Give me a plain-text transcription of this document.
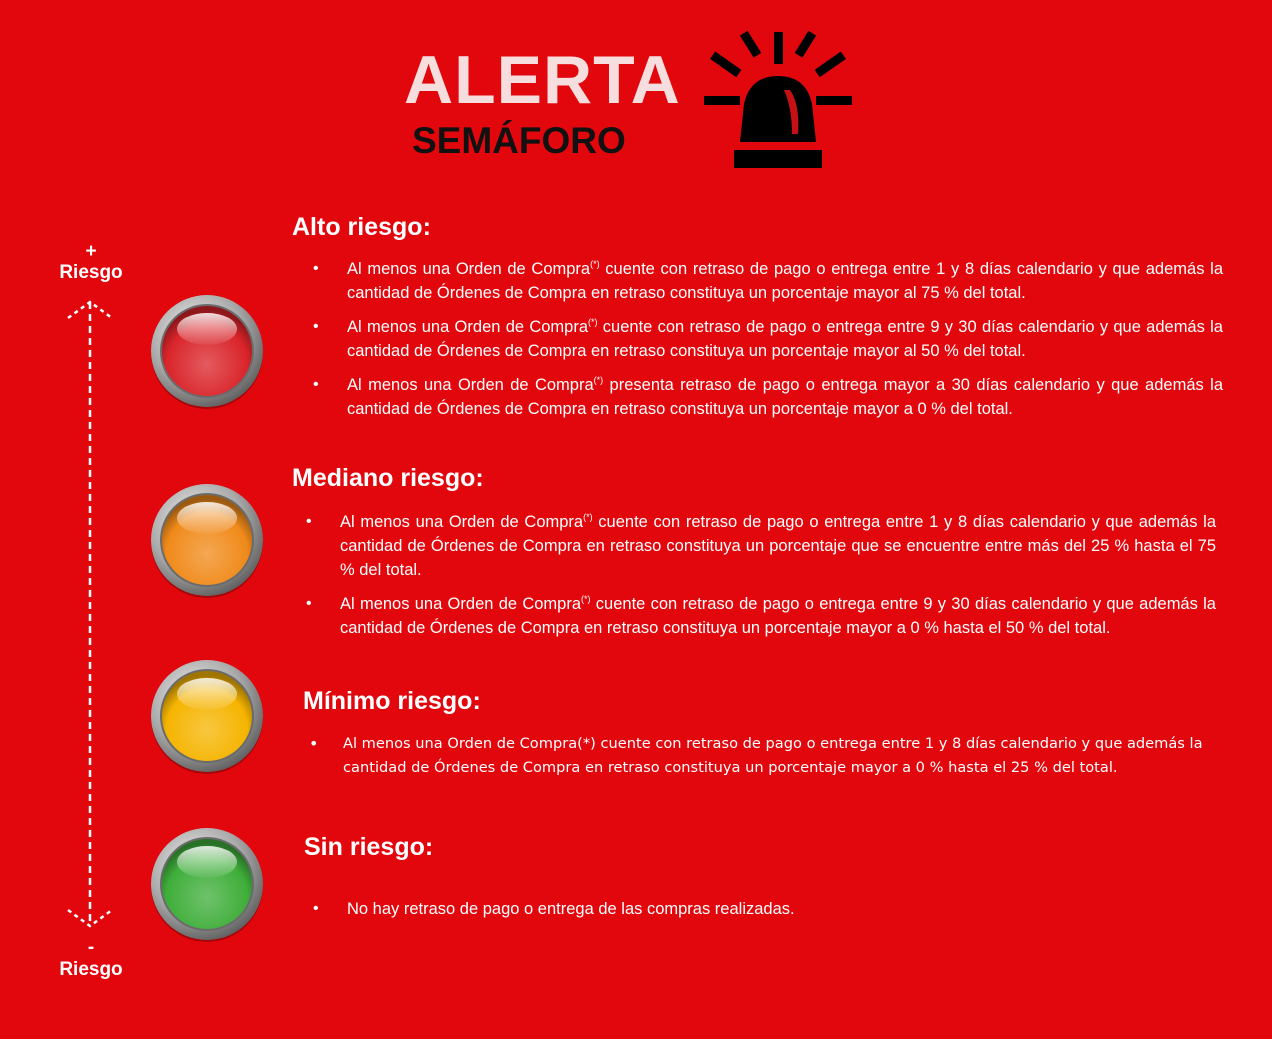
ALERTA
SEMÁFORO
+
Riesgo
-
Riesgo
Alto riesgo:
• Al menos una Orden de Compra(*) cuente con retraso de pago o entrega entre 1 y 8 días calendario y que además la cantidad de Órdenes de Compra en retraso constituya un porcentaje mayor al 75 % del total.
• Al menos una Orden de Compra(*) cuente con retraso de pago o entrega entre 9 y 30 días calendario y que además la cantidad de Órdenes de Compra en retraso constituya un porcentaje mayor al 50 % del total.
• Al menos una Orden de Compra(*) presenta retraso de pago o entrega mayor a 30 días calendario y que además la cantidad de Órdenes de Compra en retraso constituya un porcentaje mayor a 0 % del total.
Mediano riesgo:
• Al menos una Orden de Compra(*) cuente con retraso de pago o entrega entre 1 y 8 días calendario y que además la cantidad de Órdenes de Compra en retraso constituya un porcentaje que se encuentre entre más del 25 % hasta el 75 % del total.
• Al menos una Orden de Compra(*) cuente con retraso de pago o entrega entre 9 y 30 días calendario y que además la cantidad de Órdenes de Compra en retraso constituya un porcentaje mayor a 0 % hasta el 50 % del total.
Mínimo riesgo:
• Al menos una Orden de Compra(*) cuente con retraso de pago o entrega entre 1 y 8 días calendario y que además la cantidad de Órdenes de Compra en retraso constituya un porcentaje mayor a 0 % hasta el 25 % del total.
Sin riesgo:
• No hay retraso de pago o entrega de las compras realizadas.
